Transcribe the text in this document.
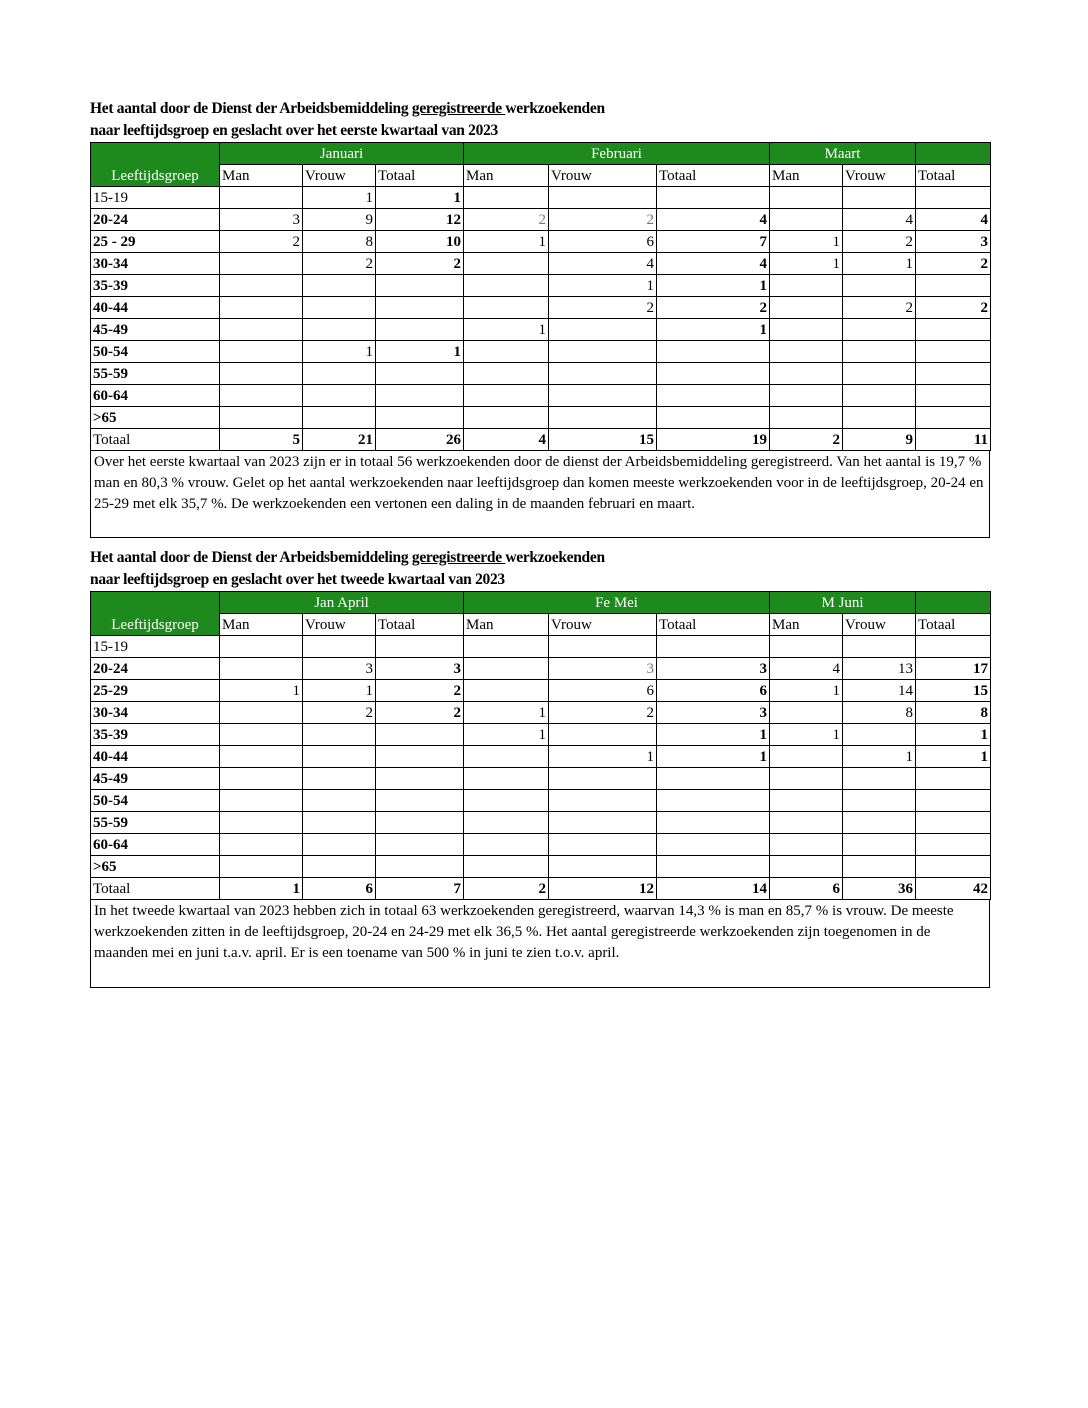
Het aantal door de Dienst der Arbeidsbemiddeling geregistreerde werkzoekenden
naar leeftijdsgroep en geslacht over het eerste kwartaal van 2023
Leeftijdsgroep	Januari			Februari			Maart		
	Man	Vrouw	Totaal	Man	Vrouw	Totaal	Man	Vrouw	Totaal
15-19		1	1						
20-24	3	9	12	2	2	4		4	4
25 - 29	2	8	10	1	6	7	1	2	3
30-34		2	2		4	4	1	1	2
35-39					1	1			
40-44					2	2		2	2
45-49				1		1			
50-54		1	1						
55-59									
60-64									
>65									
Totaal	5	21	26	4	15	19	2	9	11
Over het eerste kwartaal van 2023 zijn er in totaal 56 werkzoekenden door de dienst der Arbeidsbemiddeling geregistreerd. Van het aantal is 19,7 % man en 80,3 % vrouw. Gelet op het aantal werkzoekenden naar leeftijdsgroep dan komen meeste werkzoekenden voor in de leeftijdsgroep, 20-24 en 25-29 met elk 35,7 %. De werkzoekenden een vertonen een daling in de maanden februari en maart.
Het aantal door de Dienst der Arbeidsbemiddeling geregistreerde werkzoekenden
naar leeftijdsgroep en geslacht over het tweede kwartaal van 2023
Leeftijdsgroep	Jan April			Fe Mei			M Juni		
	Man	Vrouw	Totaal	Man	Vrouw	Totaal	Man	Vrouw	Totaal
15-19									
20-24		3	3		3	3	4	13	17
25-29	1	1	2		6	6	1	14	15
30-34		2	2	1	2	3		8	8
35-39				1		1	1		1
40-44					1	1		1	1
45-49									
50-54									
55-59									
60-64									
>65									
Totaal	1	6	7	2	12	14	6	36	42
In het tweede kwartaal van 2023 hebben zich in totaal 63 werkzoekenden geregistreerd, waarvan 14,3 % is man en 85,7 % is vrouw. De meeste werkzoekenden zitten in de leeftijdsgroep, 20-24 en 24-29 met elk 36,5 %. Het aantal geregistreerde werkzoekenden zijn toegenomen in de maanden mei en juni t.a.v. april. Er is een toename van 500 % in juni te zien t.o.v. april.
